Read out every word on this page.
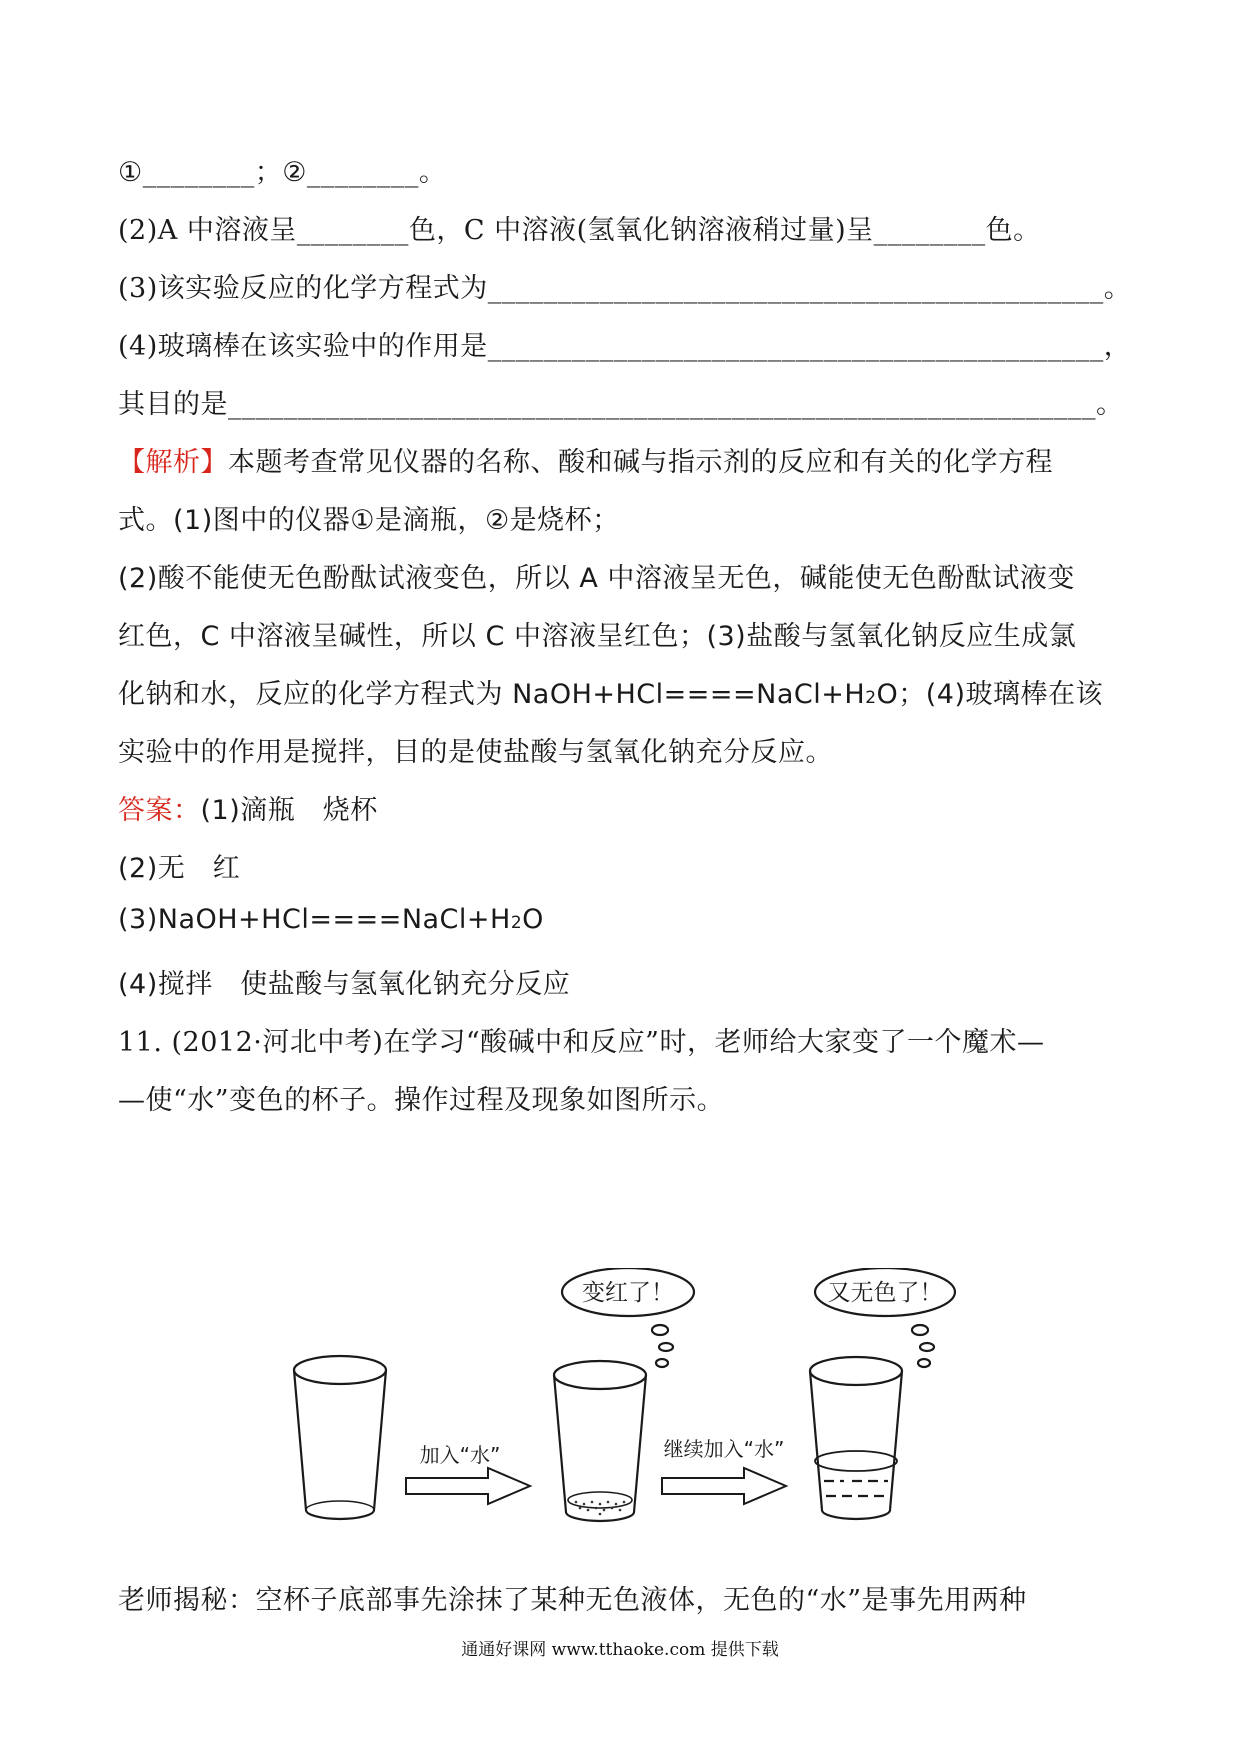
①________；②________。
(2)A 中溶液呈________色，C 中溶液(氢氧化钠溶液稍过量)呈________色。
(3)该实验反应的化学方程式为____________________________________________。
(4)玻璃棒在该实验中的作用是____________________________________________，
其目的是______________________________________________________________。
【解析】本题考查常见仪器的名称、酸和碱与指示剂的反应和有关的化学方程
式。(1)图中的仪器①是滴瓶，②是烧杯；
(2)酸不能使无色酚酞试液变色，所以 A 中溶液呈无色，碱能使无色酚酞试液变
红色，C 中溶液呈碱性，所以 C 中溶液呈红色；(3)盐酸与氢氧化钠反应生成氯
化钠和水，反应的化学方程式为 NaOH+HCl====NaCl+H2O；(4)玻璃棒在该
实验中的作用是搅拌，目的是使盐酸与氢氧化钠充分反应。
答案：(1)滴瓶　烧杯
(2)无　红
(3)NaOH+HCl====NaCl+H2O
(4)搅拌　使盐酸与氢氧化钠充分反应
11. (2012·河北中考)在学习“酸碱中和反应”时，老师给大家变了一个魔术—
—使“水”变色的杯子。操作过程及现象如图所示。
变红了！	又无色了！
加入“水”	继续加入“水”
老师揭秘：空杯子底部事先涂抹了某种无色液体，无色的“水”是事先用两种
通通好课网 www.tthaoke.com 提供下载
